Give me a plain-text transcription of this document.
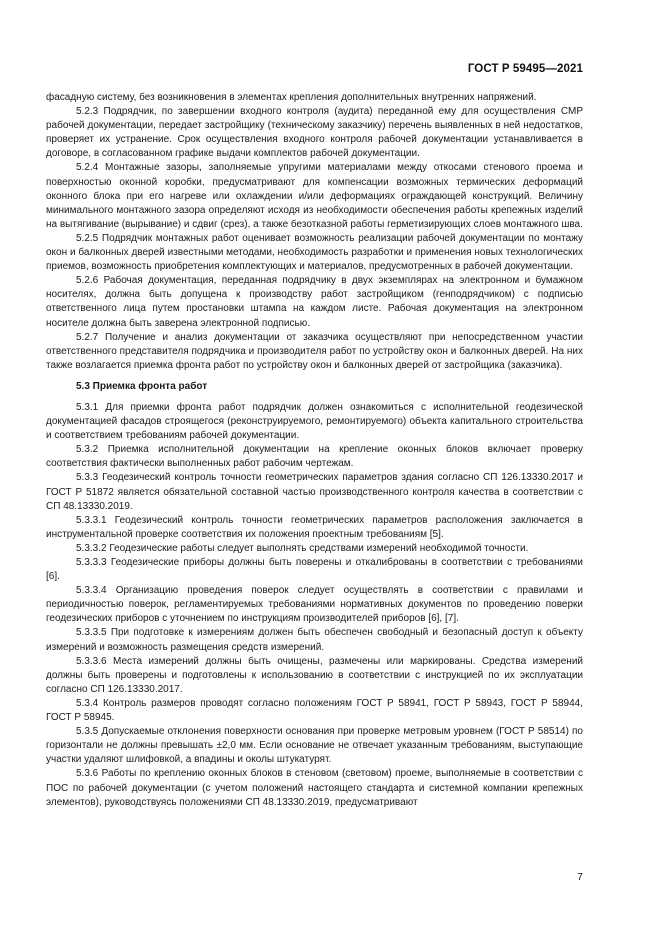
ГОСТ Р 59495—2021

фасадную систему, без возникновения в элементах крепления дополнительных внутренних напряжений.

5.2.3 Подрядчик, по завершении входного контроля (аудита) переданной ему для осуществления СМР рабочей документации, передает застройщику (техническому заказчику) перечень выявленных в ней недостатков, проверяет их устранение. Срок осуществления входного контроля рабочей документации устанавливается в договоре, в согласованном графике выдачи комплектов рабочей документации.

5.2.4 Монтажные зазоры, заполняемые упругими материалами между откосами стенового проема и поверхностью оконной коробки, предусматривают для компенсации возможных термических деформаций оконного блока при его нагреве или охлаждении и/или деформациях ограждающей конструкций. Величину минимального монтажного зазора определяют исходя из необходимости обеспечения работы крепежных изделий на вытягивание (вырывание) и сдвиг (срез), а также безотказной работы герметизирующих слоев монтажного шва.

5.2.5 Подрядчик монтажных работ оценивает возможность реализации рабочей документации по монтажу окон и балконных дверей известными методами, необходимость разработки и применения новых технологических приемов, возможность приобретения комплектующих и материалов, предусмотренных в рабочей документации.

5.2.6 Рабочая документация, переданная подрядчику в двух экземплярах на электронном и бумажном носителях, должна быть допущена к производству работ застройщиком (генподрядчиком) с подписью ответственного лица путем простановки штампа на каждом листе. Рабочая документация на электронном носителе должна быть заверена электронной подписью.

5.2.7 Получение и анализ документации от заказчика осуществляют при непосредственном участии ответственного представителя подрядчика и производителя работ по устройству окон и балконных дверей. На них также возлагается приемка фронта работ по устройству окон и балконных дверей от застройщика (заказчика).

5.3 Приемка фронта работ

5.3.1 Для приемки фронта работ подрядчик должен ознакомиться с исполнительной геодезической документацией фасадов строящегося (реконструируемого, ремонтируемого) объекта капитального строительства и соответствием требованиям рабочей документации.

5.3.2 Приемка исполнительной документации на крепление оконных блоков включает проверку соответствия фактически выполненных работ рабочим чертежам.

5.3.3 Геодезический контроль точности геометрических параметров здания согласно СП 126.13330.2017 и ГОСТ Р 51872 является обязательной составной частью производственного контроля качества в соответствии с СП 48.13330.2019.

5.3.3.1 Геодезический контроль точности геометрических параметров расположения заключается в инструментальной проверке соответствия их положения проектным требованиям [5].

5.3.3.2 Геодезические работы следует выполнять средствами измерений необходимой точности.

5.3.3.3 Геодезические приборы должны быть поверены и откалиброваны в соответствии с требованиями [6].

5.3.3.4 Организацию проведения поверок следует осуществлять в соответствии с правилами и периодичностью поверок, регламентируемых требованиями нормативных документов по проведению поверки геодезических приборов с уточнением по инструкциям производителей приборов [6], [7].

5.3.3.5 При подготовке к измерениям должен быть обеспечен свободный и безопасный доступ к объекту измерений и возможность размещения средств измерений.

5.3.3.6 Места измерений должны быть очищены, размечены или маркированы. Средства измерений должны быть проверены и подготовлены к использованию в соответствии с инструкцией по их эксплуатации согласно СП 126.13330.2017.

5.3.4 Контроль размеров проводят согласно положениям ГОСТ Р 58941, ГОСТ Р 58943, ГОСТ Р 58944, ГОСТ Р 58945.

5.3.5 Допускаемые отклонения поверхности основания при проверке метровым уровнем (ГОСТ Р 58514) по горизонтали не должны превышать ±2,0 мм. Если основание не отвечает указанным требованиям, выступающие участки удаляют шлифовкой, а впадины и околы штукатурят.

5.3.6 Работы по креплению оконных блоков в стеновом (световом) проеме, выполняемые в соответствии с ПОС по рабочей документации (с учетом положений настоящего стандарта и системной компании крепежных элементов), руководствуясь положениями СП 48.13330.2019, предусматривают

7
